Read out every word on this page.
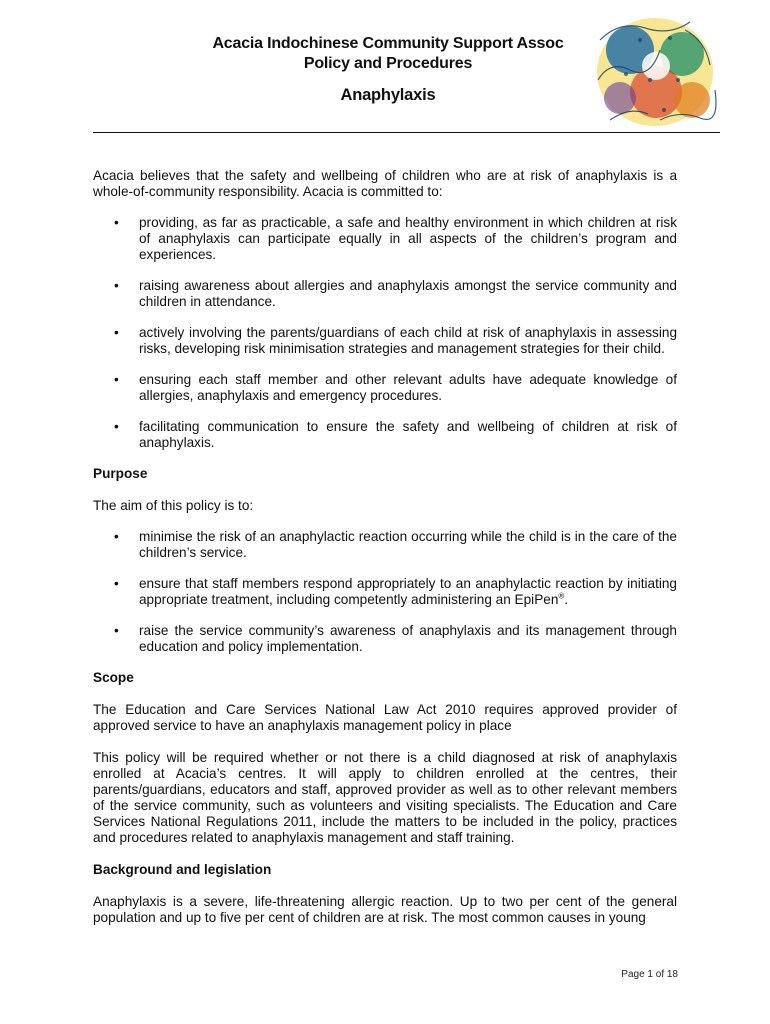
Acacia Indochinese Community Support Assoc
Policy and Procedures
Anaphylaxis

Acacia believes that the safety and wellbeing of children who are at risk of anaphylaxis is a whole-of-community responsibility. Acacia is committed to:

• providing, as far as practicable, a safe and healthy environment in which children at risk of anaphylaxis can participate equally in all aspects of the children’s program and experiences.
• raising awareness about allergies and anaphylaxis amongst the service community and children in attendance.
• actively involving the parents/guardians of each child at risk of anaphylaxis in assessing risks, developing risk minimisation strategies and management strategies for their child.
• ensuring each staff member and other relevant adults have adequate knowledge of allergies, anaphylaxis and emergency procedures.
• facilitating communication to ensure the safety and wellbeing of children at risk of anaphylaxis.
Purpose

The aim of this policy is to:

• minimise the risk of an anaphylactic reaction occurring while the child is in the care of the children’s service.
• ensure that staff members respond appropriately to an anaphylactic reaction by initiating appropriate treatment, including competently administering an EpiPen®.
• raise the service community’s awareness of anaphylaxis and its management through education and policy implementation.
Scope

The Education and Care Services National Law Act 2010 requires approved provider of approved service to have an anaphylaxis management policy in place

This policy will be required whether or not there is a child diagnosed at risk of anaphylaxis enrolled at Acacia’s centres. It will apply to children enrolled at the centres, their parents/guardians, educators and staff, approved provider as well as to other relevant members of the service community, such as volunteers and visiting specialists. The Education and Care Services National Regulations 2011, include the matters to be included in the policy, practices and procedures related to anaphylaxis management and staff training.

Background and legislation

Anaphylaxis is a severe, life-threatening allergic reaction. Up to two per cent of the general population and up to five per cent of children are at risk. The most common causes in young

Page 1 of 18
